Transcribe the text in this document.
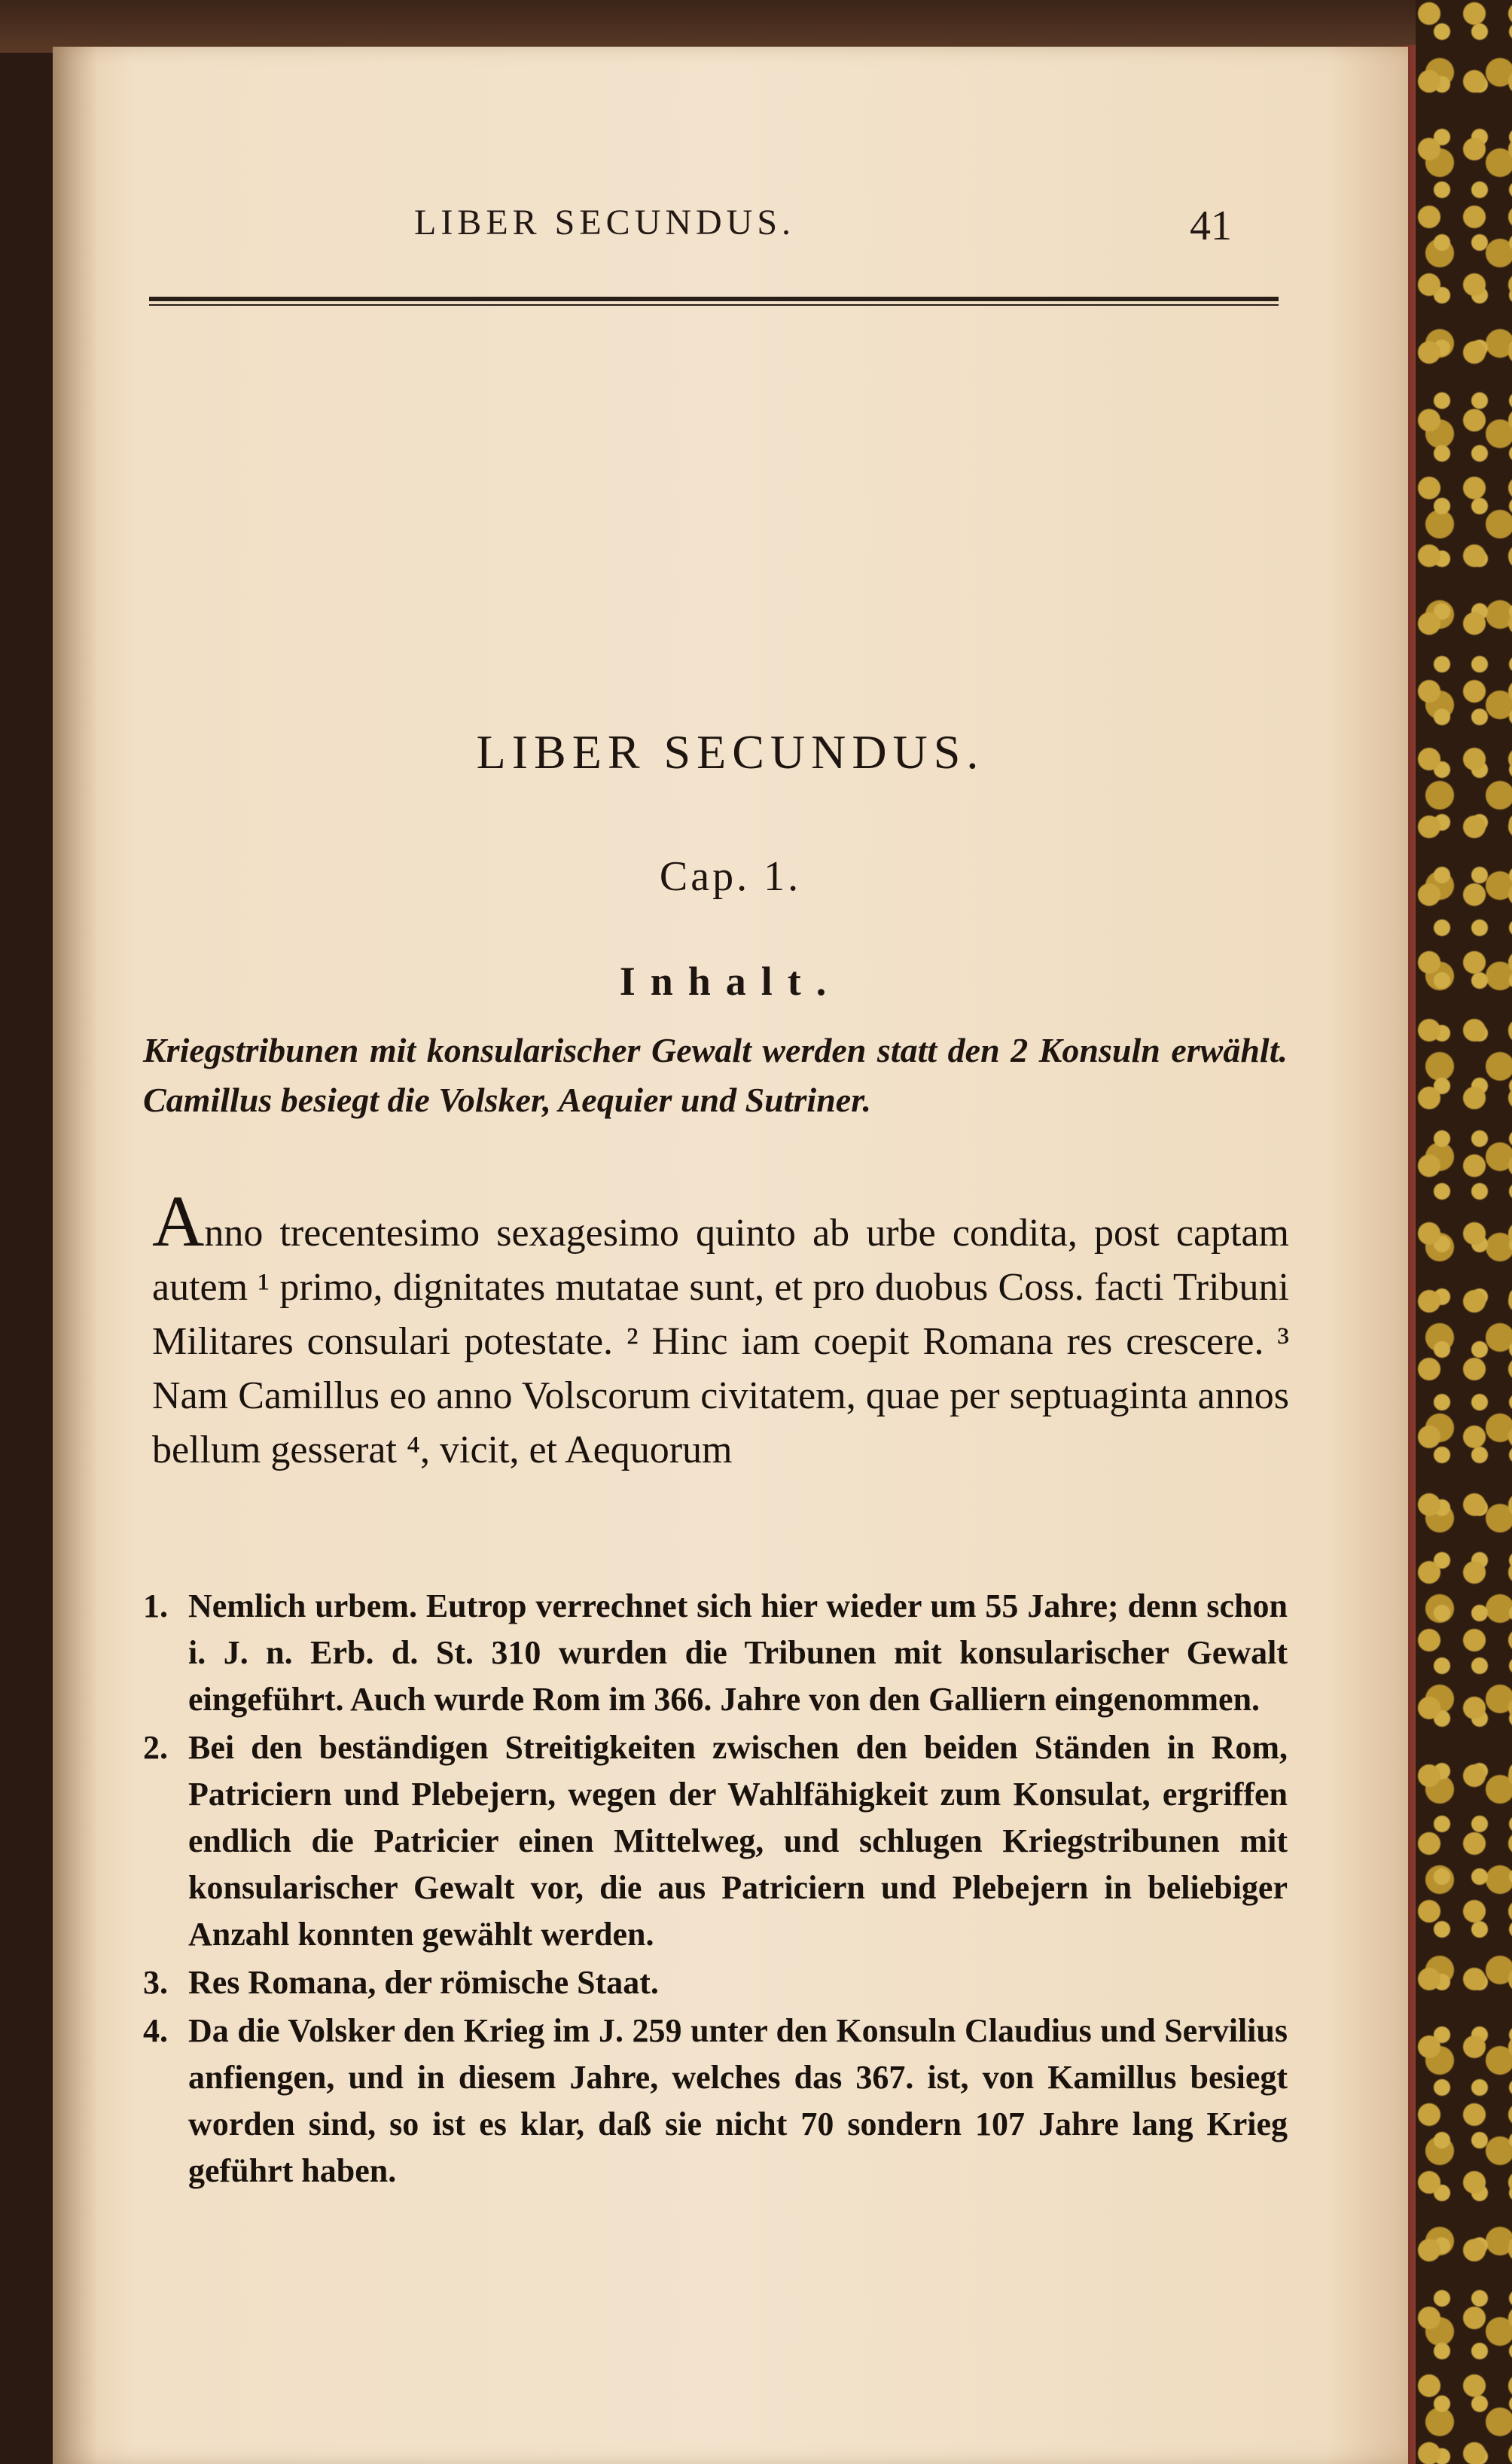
LIBER SECUNDUS.	41
LIBER SECUNDUS.
Cap. 1.
Inhalt.
Kriegstribunen mit konsularischer Gewalt werden statt den 2 Konsuln erwählt. Camillus besiegt die Volsker, Aequier und Sutriner.
Anno trecentesimo sexagesimo quinto ab urbe condita, post captam autem ¹ primo, dignitates mutatae sunt, et pro duobus Coss. facti Tribuni Militares consulari potestate. ² Hinc iam coepit Romana res crescere. ³ Nam Camillus eo anno Volscorum civitatem, quae per septuaginta annos bellum gesserat ⁴, vicit, et Aequorum
1. Nemlich urbem. Eutrop verrechnet sich hier wieder um 55 Jahre; denn schon i. J. n. Erb. d. St. 310 wurden die Tribunen mit konsularischer Gewalt eingeführt. Auch wurde Rom im 366. Jahre von den Galliern eingenommen.
2. Bei den beständigen Streitigkeiten zwischen den beiden Ständen in Rom, Patriciern und Plebejern, wegen der Wahlfähigkeit zum Konsulat, ergriffen endlich die Patricier einen Mittelweg, und schlugen Kriegstribunen mit konsularischer Gewalt vor, die aus Patriciern und Plebejern in beliebiger Anzahl konnten gewählt werden.
3. Res Romana, der römische Staat.
4. Da die Volsker den Krieg im J. 259 unter den Konsuln Claudius und Servilius anfiengen, und in diesem Jahre, welches das 367. ist, von Kamillus besiegt worden sind, so ist es klar, daß sie nicht 70 sondern 107 Jahre lang Krieg geführt haben.
